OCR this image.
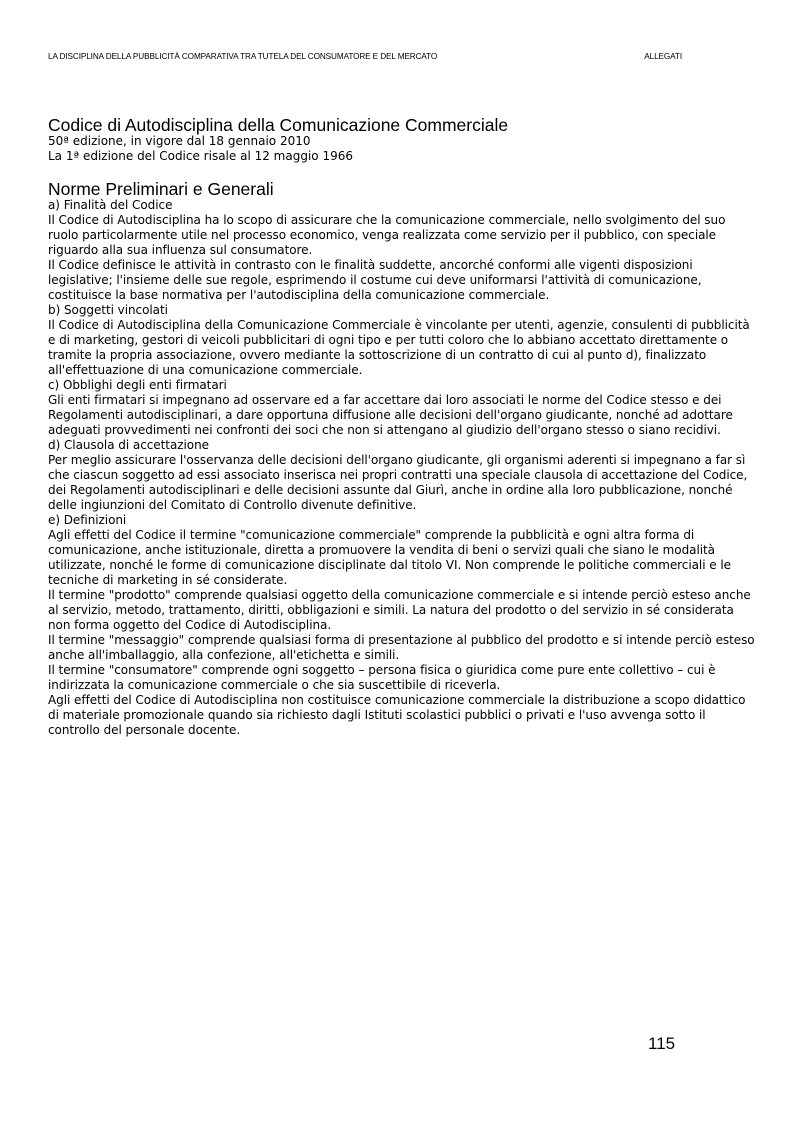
LA DISCIPLINA DELLA PUBBLICITÀ COMPARATIVA TRA TUTELA DEL CONSUMATORE E DEL MERCATO	ALLEGATI
Codice di Autodisciplina della Comunicazione Commerciale
50ª edizione, in vigore dal 18 gennaio 2010
La 1ª edizione del Codice risale al 12 maggio 1966
Norme Preliminari e Generali

a) Finalità del Codice

Il Codice di Autodisciplina ha lo scopo di assicurare che la comunicazione commerciale, nello svolgimento del suo ruolo particolarmente utile nel processo economico, venga realizzata come servizio per il pubblico, con speciale riguardo alla sua influenza sul consumatore.

Il Codice definisce le attività in contrasto con le finalità suddette, ancorché conformi alle vigenti disposizioni legislative; l'insieme delle sue regole, esprimendo il costume cui deve uniformarsi l'attività di comunicazione, costituisce la base normativa per l'autodisciplina della comunicazione commerciale.

b) Soggetti vincolati

Il Codice di Autodisciplina della Comunicazione Commerciale è vincolante per utenti, agenzie, consulenti di pubblicità e di marketing, gestori di veicoli pubblicitari di ogni tipo e per tutti coloro che lo abbiano accettato direttamente o tramite la propria associazione, ovvero mediante la sottoscrizione di un contratto di cui al punto d), finalizzato all'effettuazione di una comunicazione commerciale.

c) Obblighi degli enti firmatari

Gli enti firmatari si impegnano ad osservare ed a far accettare dai loro associati le norme del Codice stesso e dei Regolamenti autodisciplinari, a dare opportuna diffusione alle decisioni dell'organo giudicante, nonché ad adottare adeguati provvedimenti nei confronti dei soci che non si attengano al giudizio dell'organo stesso o siano recidivi.

d) Clausola di accettazione

Per meglio assicurare l'osservanza delle decisioni dell'organo giudicante, gli organismi aderenti si impegnano a far sì che ciascun soggetto ad essi associato inserisca nei propri contratti una speciale clausola di accettazione del Codice, dei Regolamenti autodisciplinari e delle decisioni assunte dal Giurì, anche in ordine alla loro pubblicazione, nonché delle ingiunzioni del Comitato di Controllo divenute definitive.

e) Definizioni

Agli effetti del Codice il termine "comunicazione commerciale" comprende la pubblicità e ogni altra forma di comunicazione, anche istituzionale, diretta a promuovere la vendita di beni o servizi quali che siano le modalità utilizzate, nonché le forme di comunicazione disciplinate dal titolo VI. Non comprende le politiche commerciali e le tecniche di marketing in sé considerate.

Il termine "prodotto" comprende qualsiasi oggetto della comunicazione commerciale e si intende perciò esteso anche al servizio, metodo, trattamento, diritti, obbligazioni e simili. La natura del prodotto o del servizio in sé considerata non forma oggetto del Codice di Autodisciplina.

Il termine "messaggio" comprende qualsiasi forma di presentazione al pubblico del prodotto e si intende perciò esteso anche all'imballaggio, alla confezione, all'etichetta e simili.

Il termine "consumatore" comprende ogni soggetto – persona fisica o giuridica come pure ente collettivo – cui è indirizzata la comunicazione commerciale o che sia suscettibile di riceverla.

Agli effetti del Codice di Autodisciplina non costituisce comunicazione commerciale la distribuzione a scopo didattico di materiale promozionale quando sia richiesto dagli Istituti scolastici pubblici o privati e l'uso avvenga sotto il controllo del personale docente.

115
